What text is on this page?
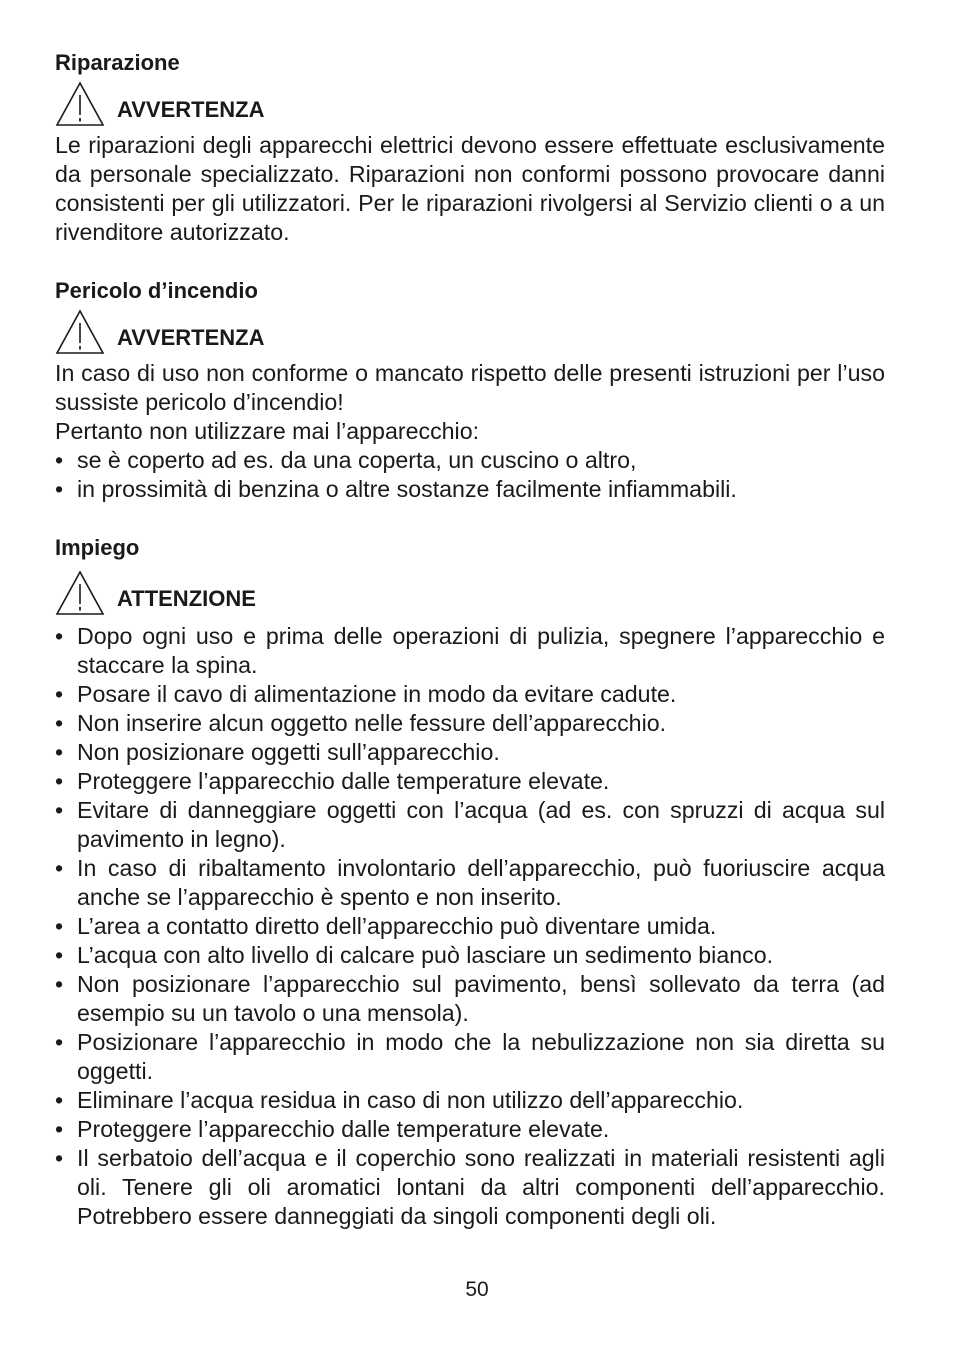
Riparazione
AVVERTENZA

Le riparazioni degli apparecchi elettrici devono essere effettuate esclusivamente da personale specializzato. Riparazioni non conformi possono provocare danni consistenti per gli utilizzatori. Per le riparazioni rivolgersi al Servizio clienti o a un rivenditore autorizzato.

Pericolo d’incendio
AVVERTENZA

In caso di uso non conforme o mancato rispetto delle presenti istruzioni per l’uso sussiste pericolo d’incendio!

Pertanto non utilizzare mai l’apparecchio:

• se è coperto ad es. da una coperta, un cuscino o altro,
• in prossimità di benzina o altre sostanze facilmente infiammabili.
Impiego
ATTENZIONE
• Dopo ogni uso e prima delle operazioni di pulizia, spegnere l’apparecchio e staccare la spina.
• Posare il cavo di alimentazione in modo da evitare cadute.
• Non inserire alcun oggetto nelle fessure dell’apparecchio.
• Non posizionare oggetti sull’apparecchio.
• Proteggere l’apparecchio dalle temperature elevate.
• Evitare di danneggiare oggetti con l’acqua (ad es. con spruzzi di acqua sul pavimento in legno).
• In caso di ribaltamento involontario dell’apparecchio, può fuoriuscire acqua anche se l’apparecchio è spento e non inserito.
• L’area a contatto diretto dell’apparecchio può diventare umida.
• L’acqua con alto livello di calcare può lasciare un sedimento bianco.
• Non posizionare l’apparecchio sul pavimento, bensì sollevato da terra (ad esempio su un tavolo o una mensola).
• Posizionare l’apparecchio in modo che la nebulizzazione non sia diretta su oggetti.
• Eliminare l’acqua residua in caso di non utilizzo dell’apparecchio.
• Proteggere l’apparecchio dalle temperature elevate.
• Il serbatoio dell’acqua e il coperchio sono realizzati in materiali resistenti agli oli. Tenere gli oli aromatici lontani da altri componenti dell’apparecchio. Potrebbero essere danneggiati da singoli componenti degli oli.
50
